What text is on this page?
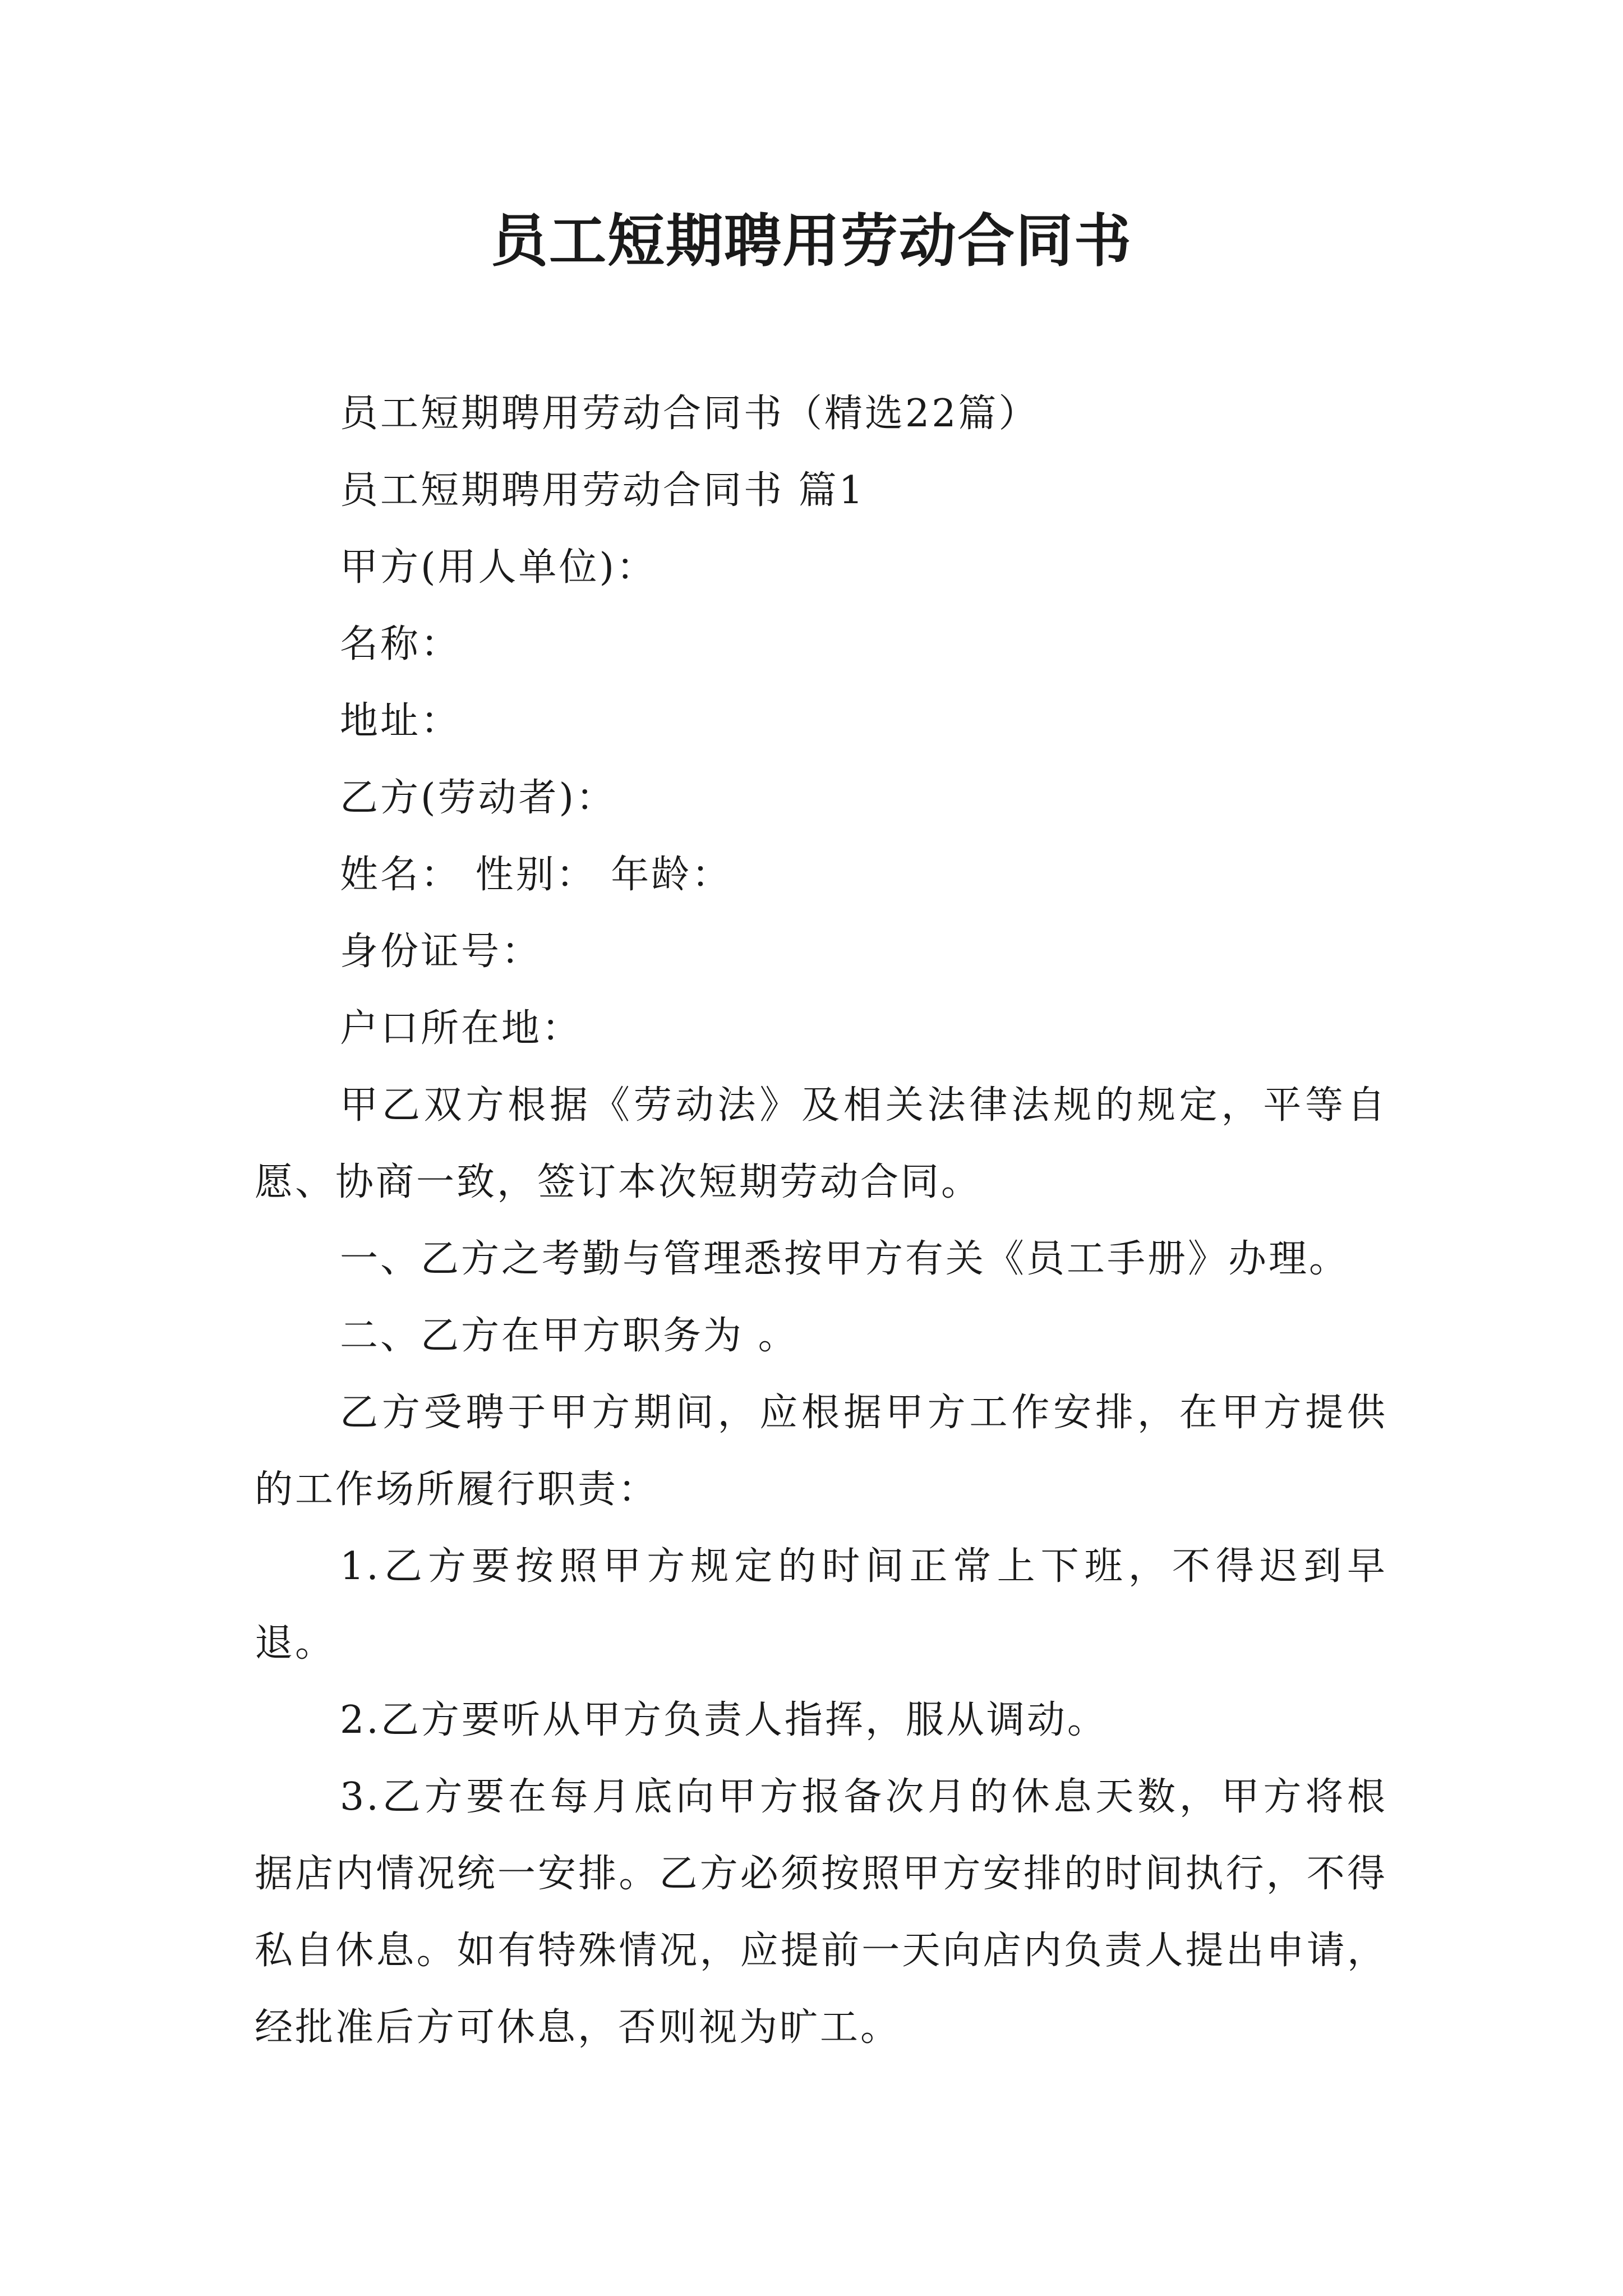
员工短期聘用劳动合同书

员工短期聘用劳动合同书（精选22篇）

员工短期聘用劳动合同书 篇1

甲方(用人单位)：

名称：

地址：

乙方(劳动者)：

姓名： 性别： 年龄：

身份证号：

户口所在地：

甲乙双方根据《劳动法》及相关法律法规的规定，平等自愿、协商一致，签订本次短期劳动合同。

一、乙方之考勤与管理悉按甲方有关《员工手册》办理。

二、乙方在甲方职务为 。

乙方受聘于甲方期间，应根据甲方工作安排，在甲方提供的工作场所履行职责：

1.乙方要按照甲方规定的时间正常上下班，不得迟到早退。

2.乙方要听从甲方负责人指挥，服从调动。

3.乙方要在每月底向甲方报备次月的休息天数，甲方将根据店内情况统一安排。乙方必须按照甲方安排的时间执行，不得私自休息。如有特殊情况，应提前一天向店内负责人提出申请，经批准后方可休息，否则视为旷工。
